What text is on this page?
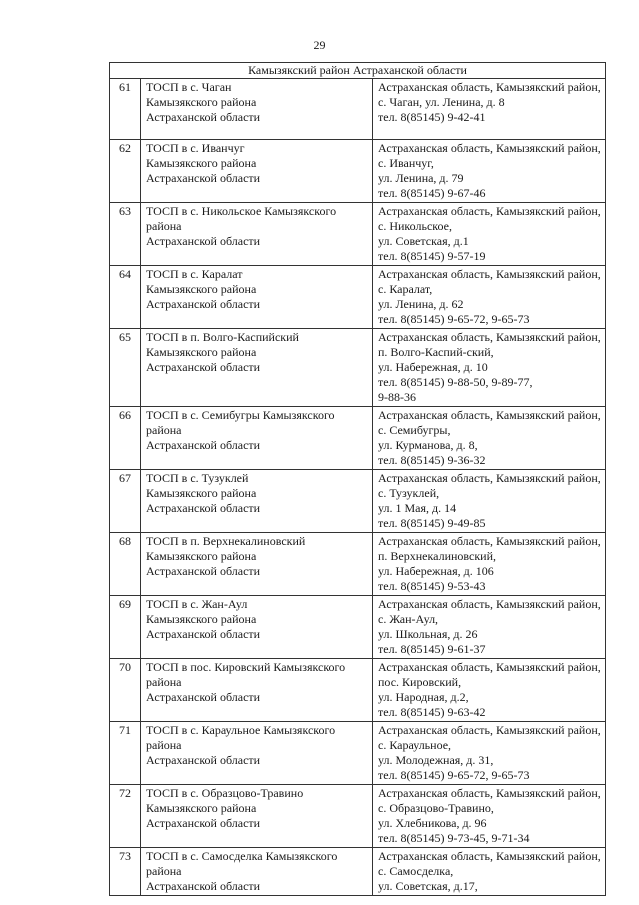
29
Камызякский район Астраханской области		
61	ТОСП в с. Чаган
Камызякского района
Астраханской области	Астраханская область, Камызякский район, с. Чаган, ул. Ленина, д. 8
тел. 8(85145) 9-42-41
62	ТОСП в с. Иванчуг
Камызякского района
Астраханской области	Астраханская область, Камызякский район, с. Иванчуг,
ул. Ленина, д. 79
тел. 8(85145) 9-67-46
63	ТОСП в с. Никольское Камызякского района
Астраханской области	Астраханская область, Камызякский район, с. Никольское,
ул. Советская, д.1
тел. 8(85145) 9-57-19
64	ТОСП в с. Каралат
Камызякского района
Астраханской области	Астраханская область, Камызякский район, с. Каралат,
ул. Ленина, д. 62
тел. 8(85145) 9-65-72, 9-65-73
65	ТОСП в п. Волго-Каспийский
Камызякского района
Астраханской области	Астраханская область, Камызякский район, п. Волго-Каспий-ский,
ул. Набережная, д. 10
тел. 8(85145) 9-88-50, 9-89-77,
9-88-36
66	ТОСП в с. Семибугры Камызякского района
Астраханской области	Астраханская область, Камызякский район, с. Семибугры,
ул. Курманова, д. 8,
тел. 8(85145) 9-36-32
67	ТОСП в с. Тузуклей
Камызякского района
Астраханской области	Астраханская область, Камызякский район, с. Тузуклей,
ул. 1 Мая, д. 14
тел. 8(85145) 9-49-85
68	ТОСП в п. Верхнекалиновский
Камызякского района
Астраханской области	Астраханская область, Камызякский район, п. Верхнекалиновский,
ул. Набережная, д. 106
тел. 8(85145) 9-53-43
69	ТОСП в с. Жан-Аул
Камызякского района
Астраханской области	Астраханская область, Камызякский район, с. Жан-Аул,
ул. Школьная, д. 26
тел. 8(85145) 9-61-37
70	ТОСП в пос. Кировский Камызякского района
Астраханской области	Астраханская область, Камызякский район, пос. Кировский,
ул. Народная, д.2,
тел. 8(85145) 9-63-42
71	ТОСП в с. Караульное Камызякского района
Астраханской области	Астраханская область, Камызякский район, с. Караульное,
ул. Молодежная, д. 31,
тел. 8(85145) 9-65-72, 9-65-73
72	ТОСП в с. Образцово-Травино
Камызякского района
Астраханской области	Астраханская область, Камызякский район, с. Образцово-Травино,
ул. Хлебникова, д. 96
тел. 8(85145) 9-73-45, 9-71-34
73	ТОСП в с. Самосделка Камызякского района
Астраханской области	Астраханская область, Камызякский район, с. Самосделка,
ул. Советская, д.17,
